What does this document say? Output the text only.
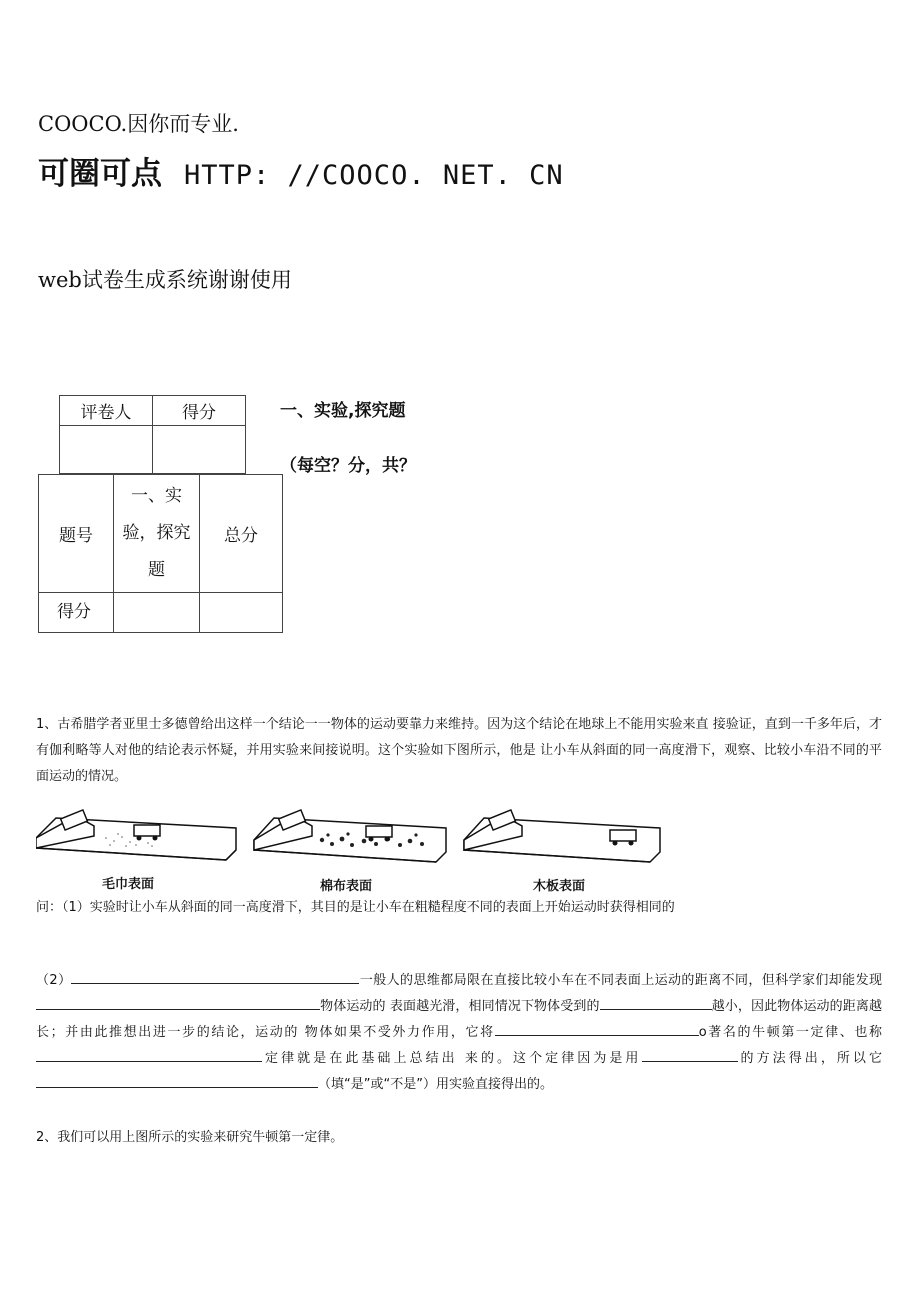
COOCO.因你而专业.
可圈可点 HTTP: //COOCO. NET. CN
web试卷生成系统谢谢使用
评卷人	得分
		一、实验,探究题
（每空？分，共？
题号	一、实验，探究题	总分
得分		
1、古希腊学者亚里士多德曾给出这样一个结论一一物体的运动要靠力来维持。因为这个结论在地球上不能用实验来直 接验证，直到一千多年后，才有伽利略等人对他的结论表示怀疑，并用实验来间接说明。这个实验如下图所示，他是 让小车从斜面的同一高度滑下，观察、比较小车沿不同的平面运动的情况。
毛巾表面	棉布表面	木板表面
问：（1）实验时让小车从斜面的同一高度滑下，其目的是让小车在粗糙程度不同的表面上开始运动时获得相同的
（2）	一般人的思维都局限在直接比较小车在不同表面上运动的距离不同，但科学家们却能发现物体运动的 表面越光滑，相同情况下物体受到的	越小，因此物体运动的距离越长；并由此推想出进一步的结论，运动的 物体如果不受外力作用，它将	o著名的牛顿第一定律、也称定律就是在此基础上总结出 来的。这个定律因为是用	的方法得出，所以它（填“是”或“不是”）用实验直接得出的。
2、我们可以用上图所示的实验来研究牛顿第一定律。
